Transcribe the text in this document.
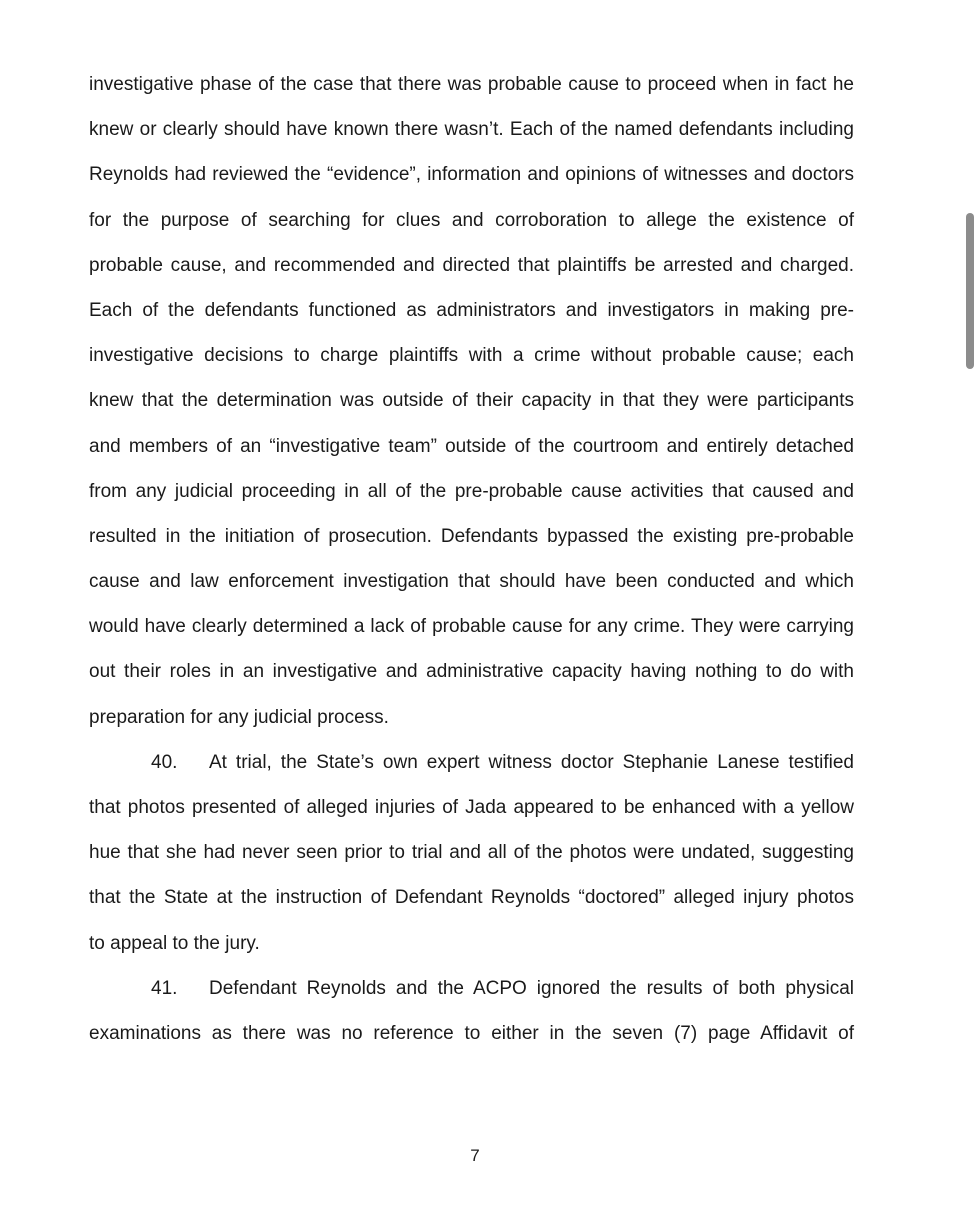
investigative phase of the case that there was probable cause to proceed when in fact he
knew or clearly should have known there wasn’t. Each of the named defendants including
Reynolds had reviewed the “evidence”, information and opinions of witnesses and doctors
for the purpose of searching for clues and corroboration to allege the existence of
probable cause, and recommended and directed that plaintiffs be arrested and charged.
Each of the defendants functioned as administrators and investigators in making pre-
investigative decisions to charge plaintiffs with a crime without probable cause; each
knew that the determination was outside of their capacity in that they were participants
and members of an “investigative team” outside of the courtroom and entirely detached
from any judicial proceeding in all of the pre-probable cause activities that caused and
resulted in the initiation of prosecution. Defendants bypassed the existing pre-probable
cause and law enforcement investigation that should have been conducted and which
would have clearly determined a lack of probable cause for any crime. They were carrying
out their roles in an investigative and administrative capacity having nothing to do with
preparation for any judicial process.
40.	At trial, the State’s own expert witness doctor Stephanie Lanese testified
that photos presented of alleged injuries of Jada appeared to be enhanced with a yellow
hue that she had never seen prior to trial and all of the photos were undated, suggesting
that the State at the instruction of Defendant Reynolds “doctored” alleged injury photos
to appeal to the jury.
41.	Defendant Reynolds and the ACPO ignored the results of both physical
examinations as there was no reference to either in the seven (7) page Affidavit of
7
